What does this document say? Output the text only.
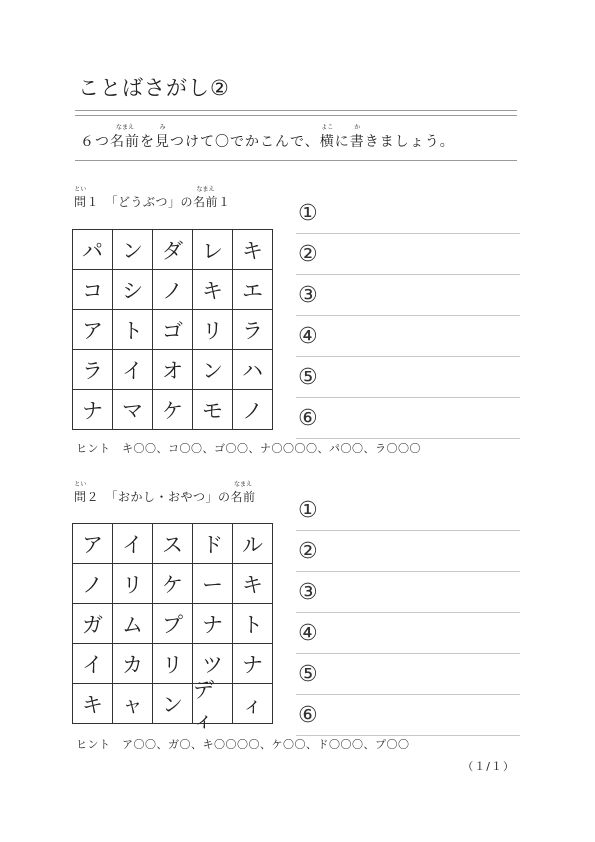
ことばさがし②
６つ名前
なまえ
を見
み
つけて〇でかこんで、横
よこ
に書
か
きましょう。
問
とい
１　「どうぶつ」の名前
なまえ
１
パ ン ダ レ キ
コ シ ノ キ エ
ア ト ゴ リ ラ
ラ イ オ ン ハ
ナ マ ケ モ ノ
①
②
③
④
⑤
⑥
ヒント　 キ〇〇、コ〇〇、ゴ〇〇、ナ〇〇〇〇、パ〇〇、ラ〇〇〇
問
とい
２　「おかし・おやつ」の名前
なまえ
ア イ ス ド ル
ノ リ ケ ー キ
ガ ム プ ナ ト
イ カ リ ツ ナ
キ ャ ン
ディ
ィ
①
②
③
④
⑤
⑥
ヒント　 ア〇〇、ガ〇、キ〇〇〇〇、ケ〇〇、ド〇〇〇、プ〇〇
（１/１）
